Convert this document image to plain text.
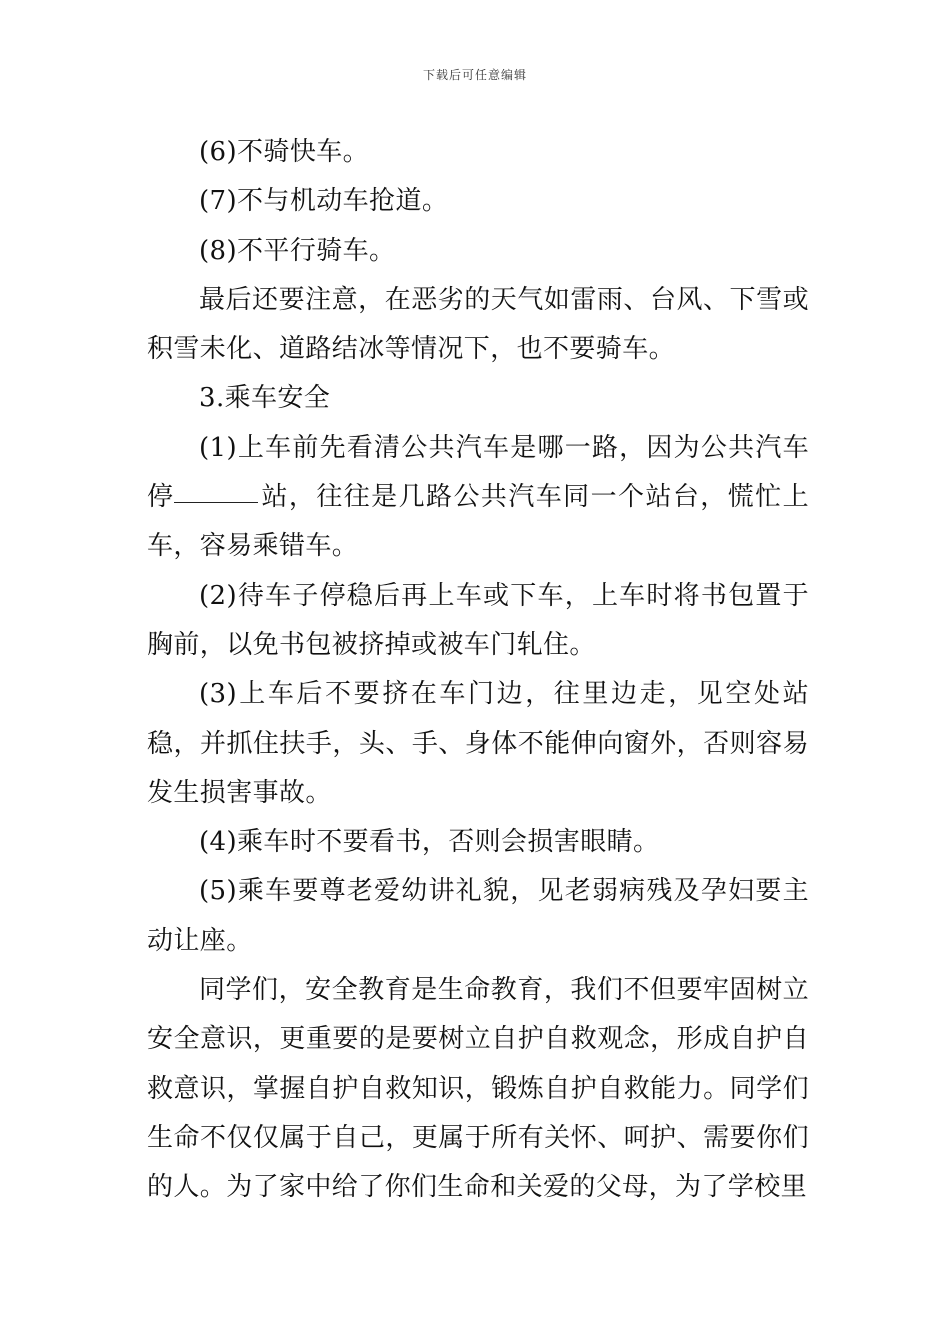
下载后可任意编辑

(6)不骑快车。

(7)不与机动车抢道。

(8)不平行骑车。

最后还要注意，在恶劣的天气如雷雨、台风、下雪或积雪未化、道路结冰等情况下，也不要骑车。

3.乘车安全

(1)上车前先看清公共汽车是哪一路，因为公共汽车停	站，往往是几路公共汽车同一个站台，慌忙上车，容易乘错车。

(2)待车子停稳后再上车或下车，上车时将书包置于胸前，以免书包被挤掉或被车门轧住。

(3)上车后不要挤在车门边，往里边走，见空处站稳，并抓住扶手，头、手、身体不能伸向窗外，否则容易发生损害事故。

(4)乘车时不要看书，否则会损害眼睛。

(5)乘车要尊老爱幼讲礼貌，见老弱病残及孕妇要主动让座。

同学们，安全教育是生命教育，我们不但要牢固树立安全意识，更重要的是要树立自护自救观念，形成自护自救意识，掌握自护自救知识，锻炼自护自救能力。同学们生命不仅仅属于自己，更属于所有关怀、呵护、需要你们的人。为了家中给了你们生命和关爱的父母，为了学校里
